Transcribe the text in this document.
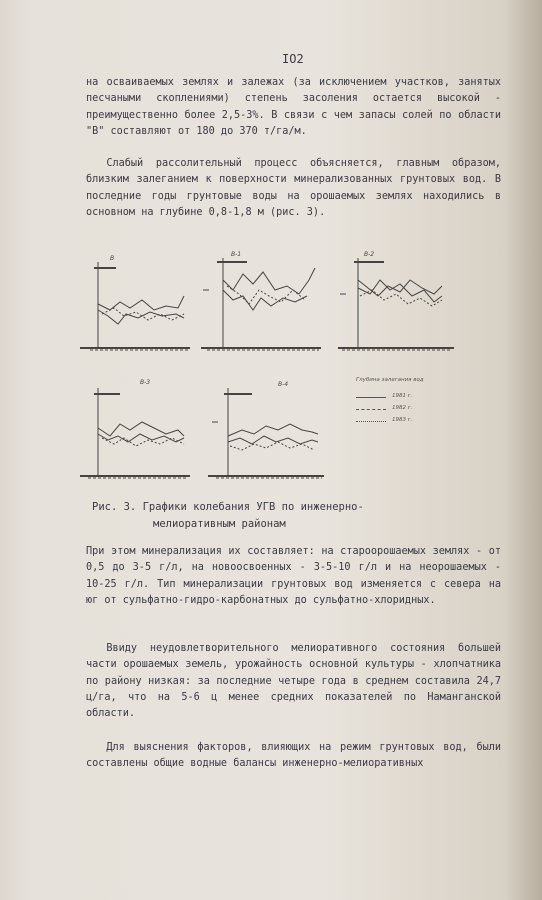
IO2

на осваиваемых землях и залежах (за исключением участков, занятых песчаными скоплениями) степень засоления остается высокой - преимущественно более 2,5-3%. В связи с чем запасы солей по области "В" составляют от 180 до 370 т/га/м.

Слабый рассолительный процесс объясняется, главным образом, близким залеганием к поверхности минерализованных грунтовых вод. В последние годы грунтовые воды на орошаемых землях находились в основном на глубине 0,8-1,8 м (рис. 3).

В
В-1	В-2
В-3	В-4
Глубина залегания вод
1981 г.
1982 г.
1983 г.

Рис. 3. Графики колебания УГВ по инженерно-
мелиоративным районам

При этом минерализация их составляет: на староорошаемых землях - от 0,5 до 3-5 г/л, на новоосвоенных - 3-5-10 г/л и на неорошаемых - 10-25 г/л. Тип минерализации грунтовых вод изменяется с севера на юг от сульфатно-гидро-карбонатных до сульфатно-хлоридных.

Ввиду неудовлетворительного мелиоративного состояния большей части орошаемых земель, урожайность основной культуры - хлопчатника по району низкая: за последние четыре года в среднем составила 24,7 ц/га, что на 5-6 ц менее средних показателей по Наманганской области.

Для выяснения факторов, влияющих на режим грунтовых вод, были составлены общие водные балансы инженерно-мелиоративных
